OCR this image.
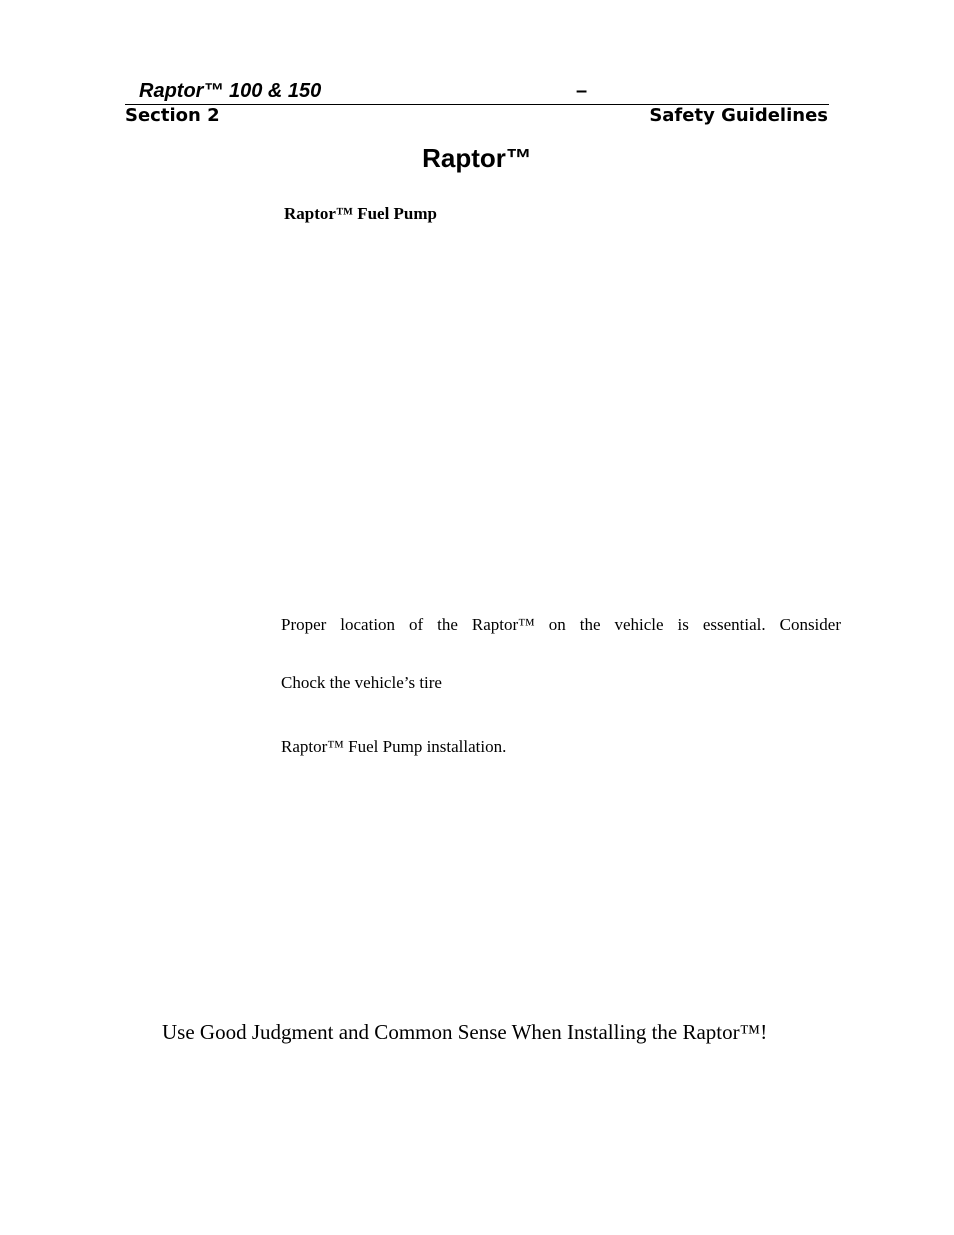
Raptor™ 100 & 150	–
Section 2	Safety Guidelines
Raptor™
Raptor™ Fuel Pump
Proper location of the Raptor™ on the vehicle is essential. Consider
Chock the vehicle’s tire
Raptor™ Fuel Pump installation.
Use Good Judgment and Common Sense When Installing the Raptor™!
